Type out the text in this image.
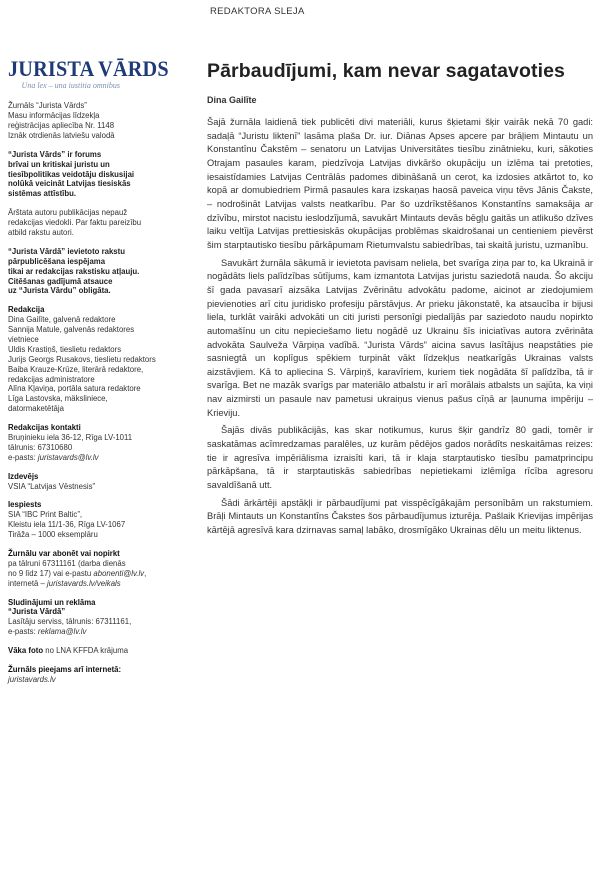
REDAKTORA SLEJA
JURISTA VĀRDS
Una lex – una iustitia omnibus

Žurnāls “Jurista Vārds”

Masu informācijas līdzekļa

reģistrācijas apliecība Nr. 1148

Iznāk otrdienās latviešu valodā

“Jurista Vārds” ir forums

brīvai un kritiskai juristu un

tiesībpolitikas veidotāju diskusijai

nolūkā veicināt Latvijas tiesiskās

sistēmas attīstību.

Ārštata autoru publikācijas nepauž

redakcijas viedokli. Par faktu pareizību

atbild rakstu autori.

“Jurista Vārdā” ievietoto rakstu

pārpublicēšana iespējama

tikai ar redakcijas rakstisku atļauju.

Citēšanas gadījumā atsauce

uz “Jurista Vārdu” obligāta.

Redakcija

Dina Gailīte, galvenā redaktore

Sannija Matule, galvenās redaktores

vietniece

Uldis Krastiņš, tieslietu redaktors

Jurijs Georgs Rusakovs, tieslietu redaktors

Baiba Krauze-Krūze, literārā redaktore,

redakcijas administratore

Alīna Kļaviņa, portāla satura redaktore

Līga Lastovska, mäksliniece,

datormaketētāja

Redakcijas kontakti

Bruņinieku iela 36-12, Rīga LV-1011

tālrunis: 67310680

e-pasts: juristavards@lv.lv

Izdevējs

VSIA “Latvijas Vēstnesis”

Iespiests

SIA “IBC Print Baltic”,

Kleistu iela 11/1-36, Rīga LV-1067

Tirāža – 1000 eksemplāru

Žurnālu var abonēt vai nopirkt

pa tālruni 67311161 (darba dienās

no 9 līdz 17) vai e-pastu abonenti@lv.lv,

internetā – juristavards.lv/veikals

Sludinājumi un reklāma

“Jurista Vārdā”

Lasītāju serviss, tālrunis: 67311161,

e-pasts: reklama@lv.lv

Vāka foto no LNA KFFDA krājuma

Žurnāls pieejams arī internetā:

juristavards.lv

Pārbaudījumi, kam nevar sagatavoties
Dina Gailīte

Šajā žurnāla laidienā tiek publicēti divi materiāli, kurus šķietami šķir vairāk nekā 70 gadi: sadaļā “Juristu liktenī” lasāma plaša Dr. iur. Diānas Apses apcere par brāļiem Mintautu un Konstantīnu Čakstēm – senatoru un Latvijas Universitātes tiesību zinātnieku, kuri, sākoties Otrajam pasaules karam, piedzīvoja Latvijas divkāršo okupāciju un izlēma tai pretoties, iesaistīdamies Latvijas Centrālās padomes dibināšanā un cerot, ka izdosies atkārtot to, ko kopā ar domubiedriem Pirmā pasaules kara izskaņas haosā paveica viņu tēvs Jānis Čakste, – nodrošināt Latvijas valsts neatkarību. Par šo uzdrīkstēšanos Konstantīns samaksāja ar dzīvību, mirstot nacistu ieslodzījumā, savukārt Mintauts devās bēgļu gaitās un atlikušo dzīves laiku veltīja Latvijas prettiesiskās okupācijas problēmas skaidrošanai un centieniem pievērst šim starptautisko tiesību pārkāpumam Rietumvalstu sabiedrības, tai skaitā juristu, uzmanību.

Savukārt žurnāla sākumā ir ievietota pavisam neliela, bet svarīga ziņa par to, ka Ukrainā ir nogādāts liels palīdzības sūtījums, kam izmantota Latvijas juristu saziedotā nauda. Šo akciju šī gada pavasarī aizsāka Latvijas Zvērinātu advokātu padome, aicinot ar ziedojumiem pievienoties arī citu juridisko profesiju pārstāvjus. Ar prieku jākonstatē, ka atsaucība ir bijusi liela, turklāt vairāki advokāti un citi juristi personīgi piedalījās par saziedoto naudu nopirkto automašīnu un citu nepieciešamo lietu nogādē uz Ukrainu šīs iniciatīvas autora zvērināta advokāta Saulveža Vārpiņa vadībā. “Jurista Vārds” aicina savus lasītājus neapstāties pie sasniegtā un koplīgus spēkiem turpināt vākt līdzekļus neatkarīgās Ukrainas valsts aizstāvjiem. Kā to apliecina S. Vārpiņš, karavīriem, kuriem tiek nogādāta šī palīdzība, tā ir svarīga. Bet ne mazāk svarīgs par materiālo atbalstu ir arī morālais atbalsts un sajūta, ka viņi nav aizmirsti un pasaule nav pametusi ukraiņus vienus pašus cīņā ar ļaunuma impēriju – Krieviju.

Šajās divās publikācijās, kas skar notikumus, kurus šķir gandrīz 80 gadi, tomēr ir saskatāmas acīmredzamas paralēles, uz kurām pēdējos gados norādīts neskaitāmas reizes: tie ir agresīva impēriālisma izraisīti kari, tā ir klaja starptautisko tiesību pamatprincipu pārkāpšana, tā ir starptautiskās sabiedrības nepietiekami izlēmīga rīcība agresoru savaldīšanā utt.

Šādi ārkārtēji apstākļi ir pārbaudījumi pat visspēcīgākajām personībām un rakstumiem. Brāļi Mintauts un Konstantīns Čakstes šos pārbaudījumus izturēja. Pašlaik Krievijas impērijas kārtējā agresīvā kara dzirnavas samaļ labāko, drosmīgāko Ukrainas dēlu un meitu liktenus.
